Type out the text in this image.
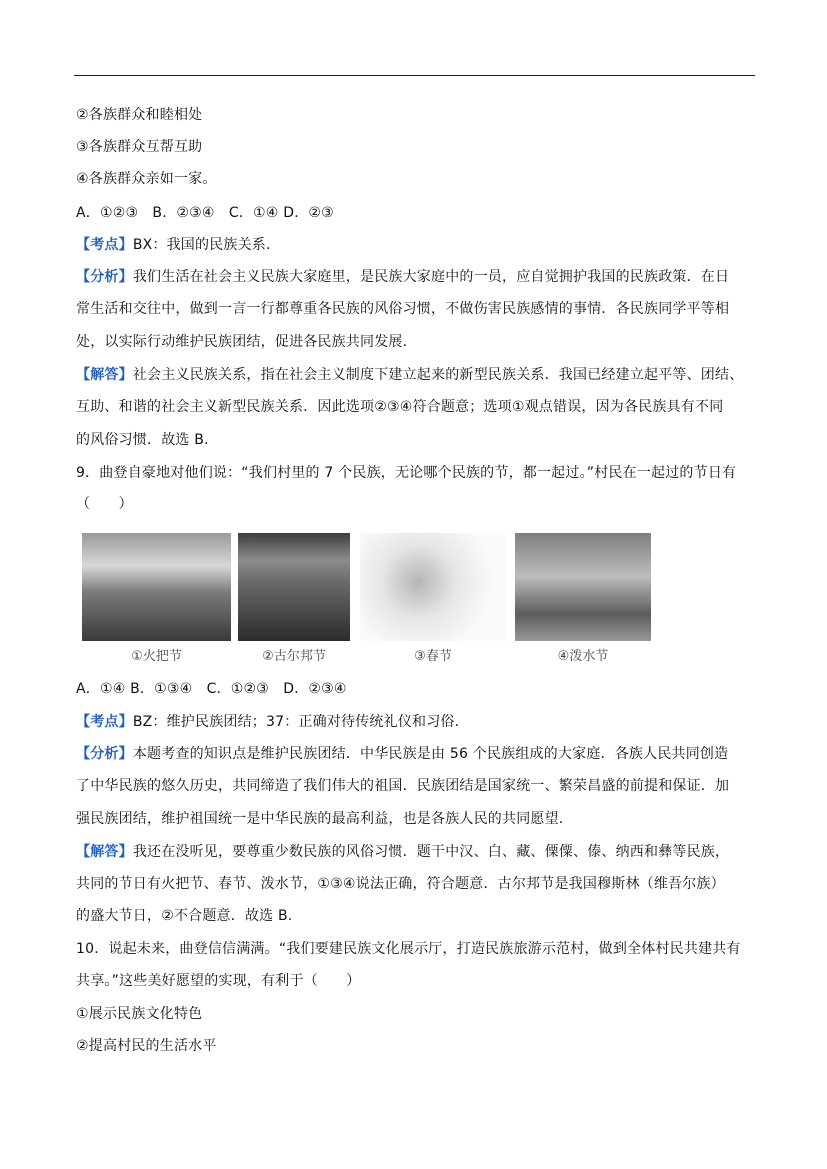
②各族群众和睦相处
③各族群众互帮互助
④各族群众亲如一家。
A．①②③　B．②③④　C．①④ D．②③
【考点】BX：我国的民族关系.
【分析】我们生活在社会主义民族大家庭里，是民族大家庭中的一员，应自觉拥护我国的民族政策．在日
常生活和交往中，做到一言一行都尊重各民族的风俗习惯，不做伤害民族感情的事情．各民族同学平等相
处，以实际行动维护民族团结，促进各民族共同发展.
【解答】社会主义民族关系，指在社会主义制度下建立起来的新型民族关系．我国已经建立起平等、团结、
互助、和谐的社会主义新型民族关系．因此选项②③④符合题意；选项①观点错误，因为各民族具有不同
的风俗习惯．故选 B.
9．曲登自豪地对他们说：“我们村里的 7 个民族，无论哪个民族的节，都一起过。”村民在一起过的节日有
（　　）
①火把节	②古尔邦节	③春节	④泼水节
A．①④ B．①③④　C．①②③　D．②③④
【考点】BZ：维护民族团结；37：正确对待传统礼仪和习俗.
【分析】本题考查的知识点是维护民族团结．中华民族是由 56 个民族组成的大家庭．各族人民共同创造
了中华民族的悠久历史，共同缔造了我们伟大的祖国．民族团结是国家统一、繁荣昌盛的前提和保证．加
强民族团结，维护祖国统一是中华民族的最高利益，也是各族人民的共同愿望.
【解答】我还在没听见，要尊重少数民族的风俗习惯．题干中汉、白、藏、傈僳、傣、纳西和彝等民族，
共同的节日有火把节、春节、泼水节，①③④说法正确，符合题意．古尔邦节是我国穆斯林（维吾尔族）
的盛大节日，②不合题意．故选 B.
10．说起未来，曲登信信满满。“我们要建民族文化展示厅，打造民族旅游示范村，做到全体村民共建共有
共享。”这些美好愿望的实现，有利于（　　）
①展示民族文化特色
②提高村民的生活水平
